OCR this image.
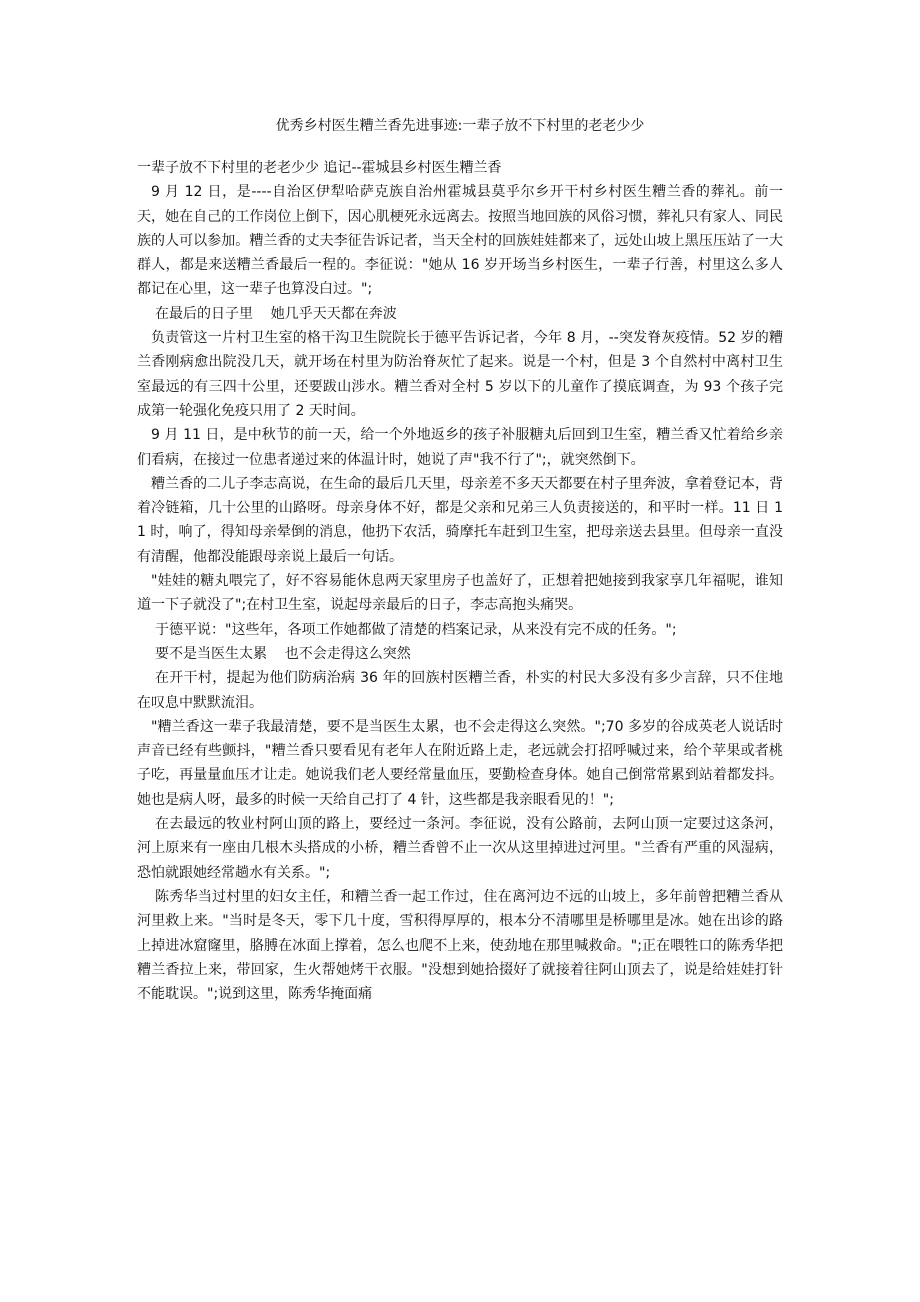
优秀乡村医生糟兰香先进事迹:一辈子放不下村里的老老少少

一辈子放不下村里的老老少少 追记--霍城县乡村医生糟兰香

9 月 12 日，是----自治区伊犁哈萨克族自治州霍城县莫乎尔乡开干村乡村医生糟兰香的葬礼。前一天，她在自己的工作岗位上倒下，因心肌梗死永远离去。按照当地回族的风俗习惯，葬礼只有家人、同民族的人可以参加。糟兰香的丈夫李征告诉记者，当天全村的回族娃娃都来了，远处山坡上黑压压站了一大群人，都是来送糟兰香最后一程的。李征说："她从 16 岁开场当乡村医生，一辈子行善，村里这么多人都记在心里，这一辈子也算没白过。";

在最后的日子里    她几乎天天都在奔波

负责管这一片村卫生室的格干沟卫生院院长于德平告诉记者，今年 8 月，--突发脊灰疫情。52 岁的糟兰香刚病愈出院没几天，就开场在村里为防治脊灰忙了起来。说是一个村，但是 3 个自然村中离村卫生室最远的有三四十公里，还要跋山涉水。糟兰香对全村 5 岁以下的儿童作了摸底调查，为 93 个孩子完成第一轮强化免疫只用了 2 天时间。

9 月 11 日，是中秋节的前一天，给一个外地返乡的孩子补服糖丸后回到卫生室，糟兰香又忙着给乡亲们看病，在接过一位患者递过来的体温计时，她说了声"我不行了";，就突然倒下。

糟兰香的二儿子李志高说，在生命的最后几天里，母亲差不多天天都要在村子里奔波，拿着登记本，背着冷链箱，几十公里的山路呀。母亲身体不好，都是父亲和兄弟三人负责接送的，和平时一样。11 日 11 时，响了，得知母亲晕倒的消息，他扔下农活，骑摩托车赶到卫生室，把母亲送去县里。但母亲一直没有清醒，他都没能跟母亲说上最后一句话。

"娃娃的糖丸喂完了，好不容易能休息两天家里房子也盖好了，正想着把她接到我家享几年福呢，谁知道一下子就没了";在村卫生室，说起母亲最后的日子，李志高抱头痛哭。

于德平说："这些年，各项工作她都做了清楚的档案记录，从来没有完不成的任务。";

要不是当医生太累    也不会走得这么突然

在开干村，提起为他们防病治病 36 年的回族村医糟兰香，朴实的村民大多没有多少言辞，只不住地在叹息中默默流泪。

"糟兰香这一辈子我最清楚，要不是当医生太累，也不会走得这么突然。";70 多岁的谷成英老人说话时声音已经有些颤抖，"糟兰香只要看见有老年人在附近路上走，老远就会打招呼喊过来，给个苹果或者桃子吃，再量量血压才让走。她说我们老人要经常量血压，要勤检查身体。她自己倒常常累到站着都发抖。她也是病人呀，最多的时候一天给自己打了 4 针，这些都是我亲眼看见的！";

在去最远的牧业村阿山顶的路上，要经过一条河。李征说，没有公路前，去阿山顶一定要过这条河，河上原来有一座由几根木头搭成的小桥，糟兰香曾不止一次从这里掉进过河里。"兰香有严重的风湿病，恐怕就跟她经常趟水有关系。";

陈秀华当过村里的妇女主任，和糟兰香一起工作过，住在离河边不远的山坡上，多年前曾把糟兰香从河里救上来。"当时是冬天，零下几十度，雪积得厚厚的，根本分不清哪里是桥哪里是冰。她在出诊的路上掉进冰窟窿里，胳膊在冰面上撑着，怎么也爬不上来，使劲地在那里喊救命。";正在喂牲口的陈秀华把糟兰香拉上来，带回家，生火帮她烤干衣服。"没想到她拾掇好了就接着往阿山顶去了，说是给娃娃打针不能耽误。";说到这里，陈秀华掩面痛
